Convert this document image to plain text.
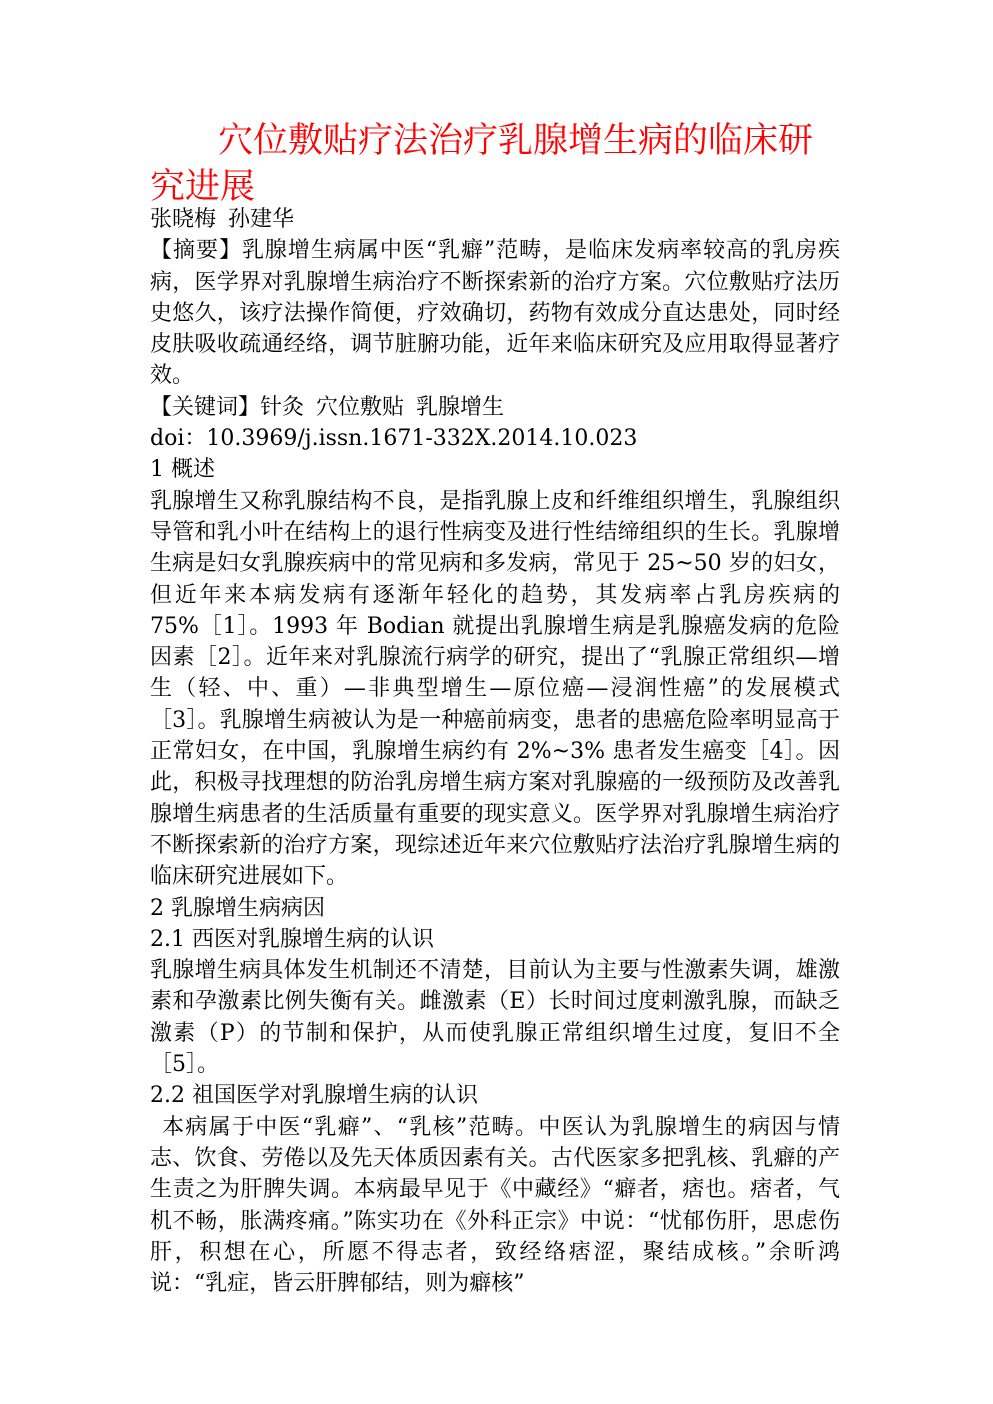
穴位敷贴疗法治疗乳腺增生病的临床研究进展

张晓梅 孙建华

【摘要】乳腺增生病属中医“乳癖”范畴，是临床发病率较高的乳房疾病，医学界对乳腺增生病治疗不断探索新的治疗方案。穴位敷贴疗法历史悠久，该疗法操作简便，疗效确切，药物有效成分直达患处，同时经皮肤吸收疏通经络，调节脏腑功能，近年来临床研究及应用取得显著疗效。

【关键词】针灸 穴位敷贴 乳腺增生

doi：10.3969/j.issn.1671-332X.2014.10.023

1 概述

乳腺增生又称乳腺结构不良，是指乳腺上皮和纤维组织增生，乳腺组织导管和乳小叶在结构上的退行性病变及进行性结缔组织的生长。乳腺增生病是妇女乳腺疾病中的常见病和多发病，常见于 25~50 岁的妇女，但近年来本病发病有逐渐年轻化的趋势，其发病率占乳房疾病的 75%［1］。1993 年 Bodian 就提出乳腺增生病是乳腺癌发病的危险因素［2］。近年来对乳腺流行病学的研究，提出了“乳腺正常组织—增生（轻、中、重）—非典型增生—原位癌—浸润性癌”的发展模式［3］。乳腺增生病被认为是一种癌前病变，患者的患癌危险率明显高于正常妇女，在中国，乳腺增生病约有 2%~3% 患者发生癌变［4］。因此，积极寻找理想的防治乳房增生病方案对乳腺癌的一级预防及改善乳腺增生病患者的生活质量有重要的现实意义。医学界对乳腺增生病治疗不断探索新的治疗方案，现综述近年来穴位敷贴疗法治疗乳腺增生病的临床研究进展如下。

2 乳腺增生病病因

2.1 西医对乳腺增生病的认识

乳腺增生病具体发生机制还不清楚，目前认为主要与性激素失调，雄激素和孕激素比例失衡有关。雌激素（E）长时间过度刺激乳腺，而缺乏激素（P）的节制和保护，从而使乳腺正常组织增生过度，复旧不全［5］。

2.2 祖国医学对乳腺增生病的认识

本病属于中医“乳癖”、“乳核”范畴。中医认为乳腺增生的病因与情志、饮食、劳倦以及先天体质因素有关。古代医家多把乳核、乳癖的产生责之为肝脾失调。本病最早见于《中藏经》“癖者，痞也。痞者，气机不畅，胀满疼痛。”陈实功在《外科正宗》中说：“忧郁伤肝，思虑伤肝，积想在心，所愿不得志者，致经络痞涩，聚结成核。”余昕鸿说：“乳症，皆云肝脾郁结，则为癖核”
